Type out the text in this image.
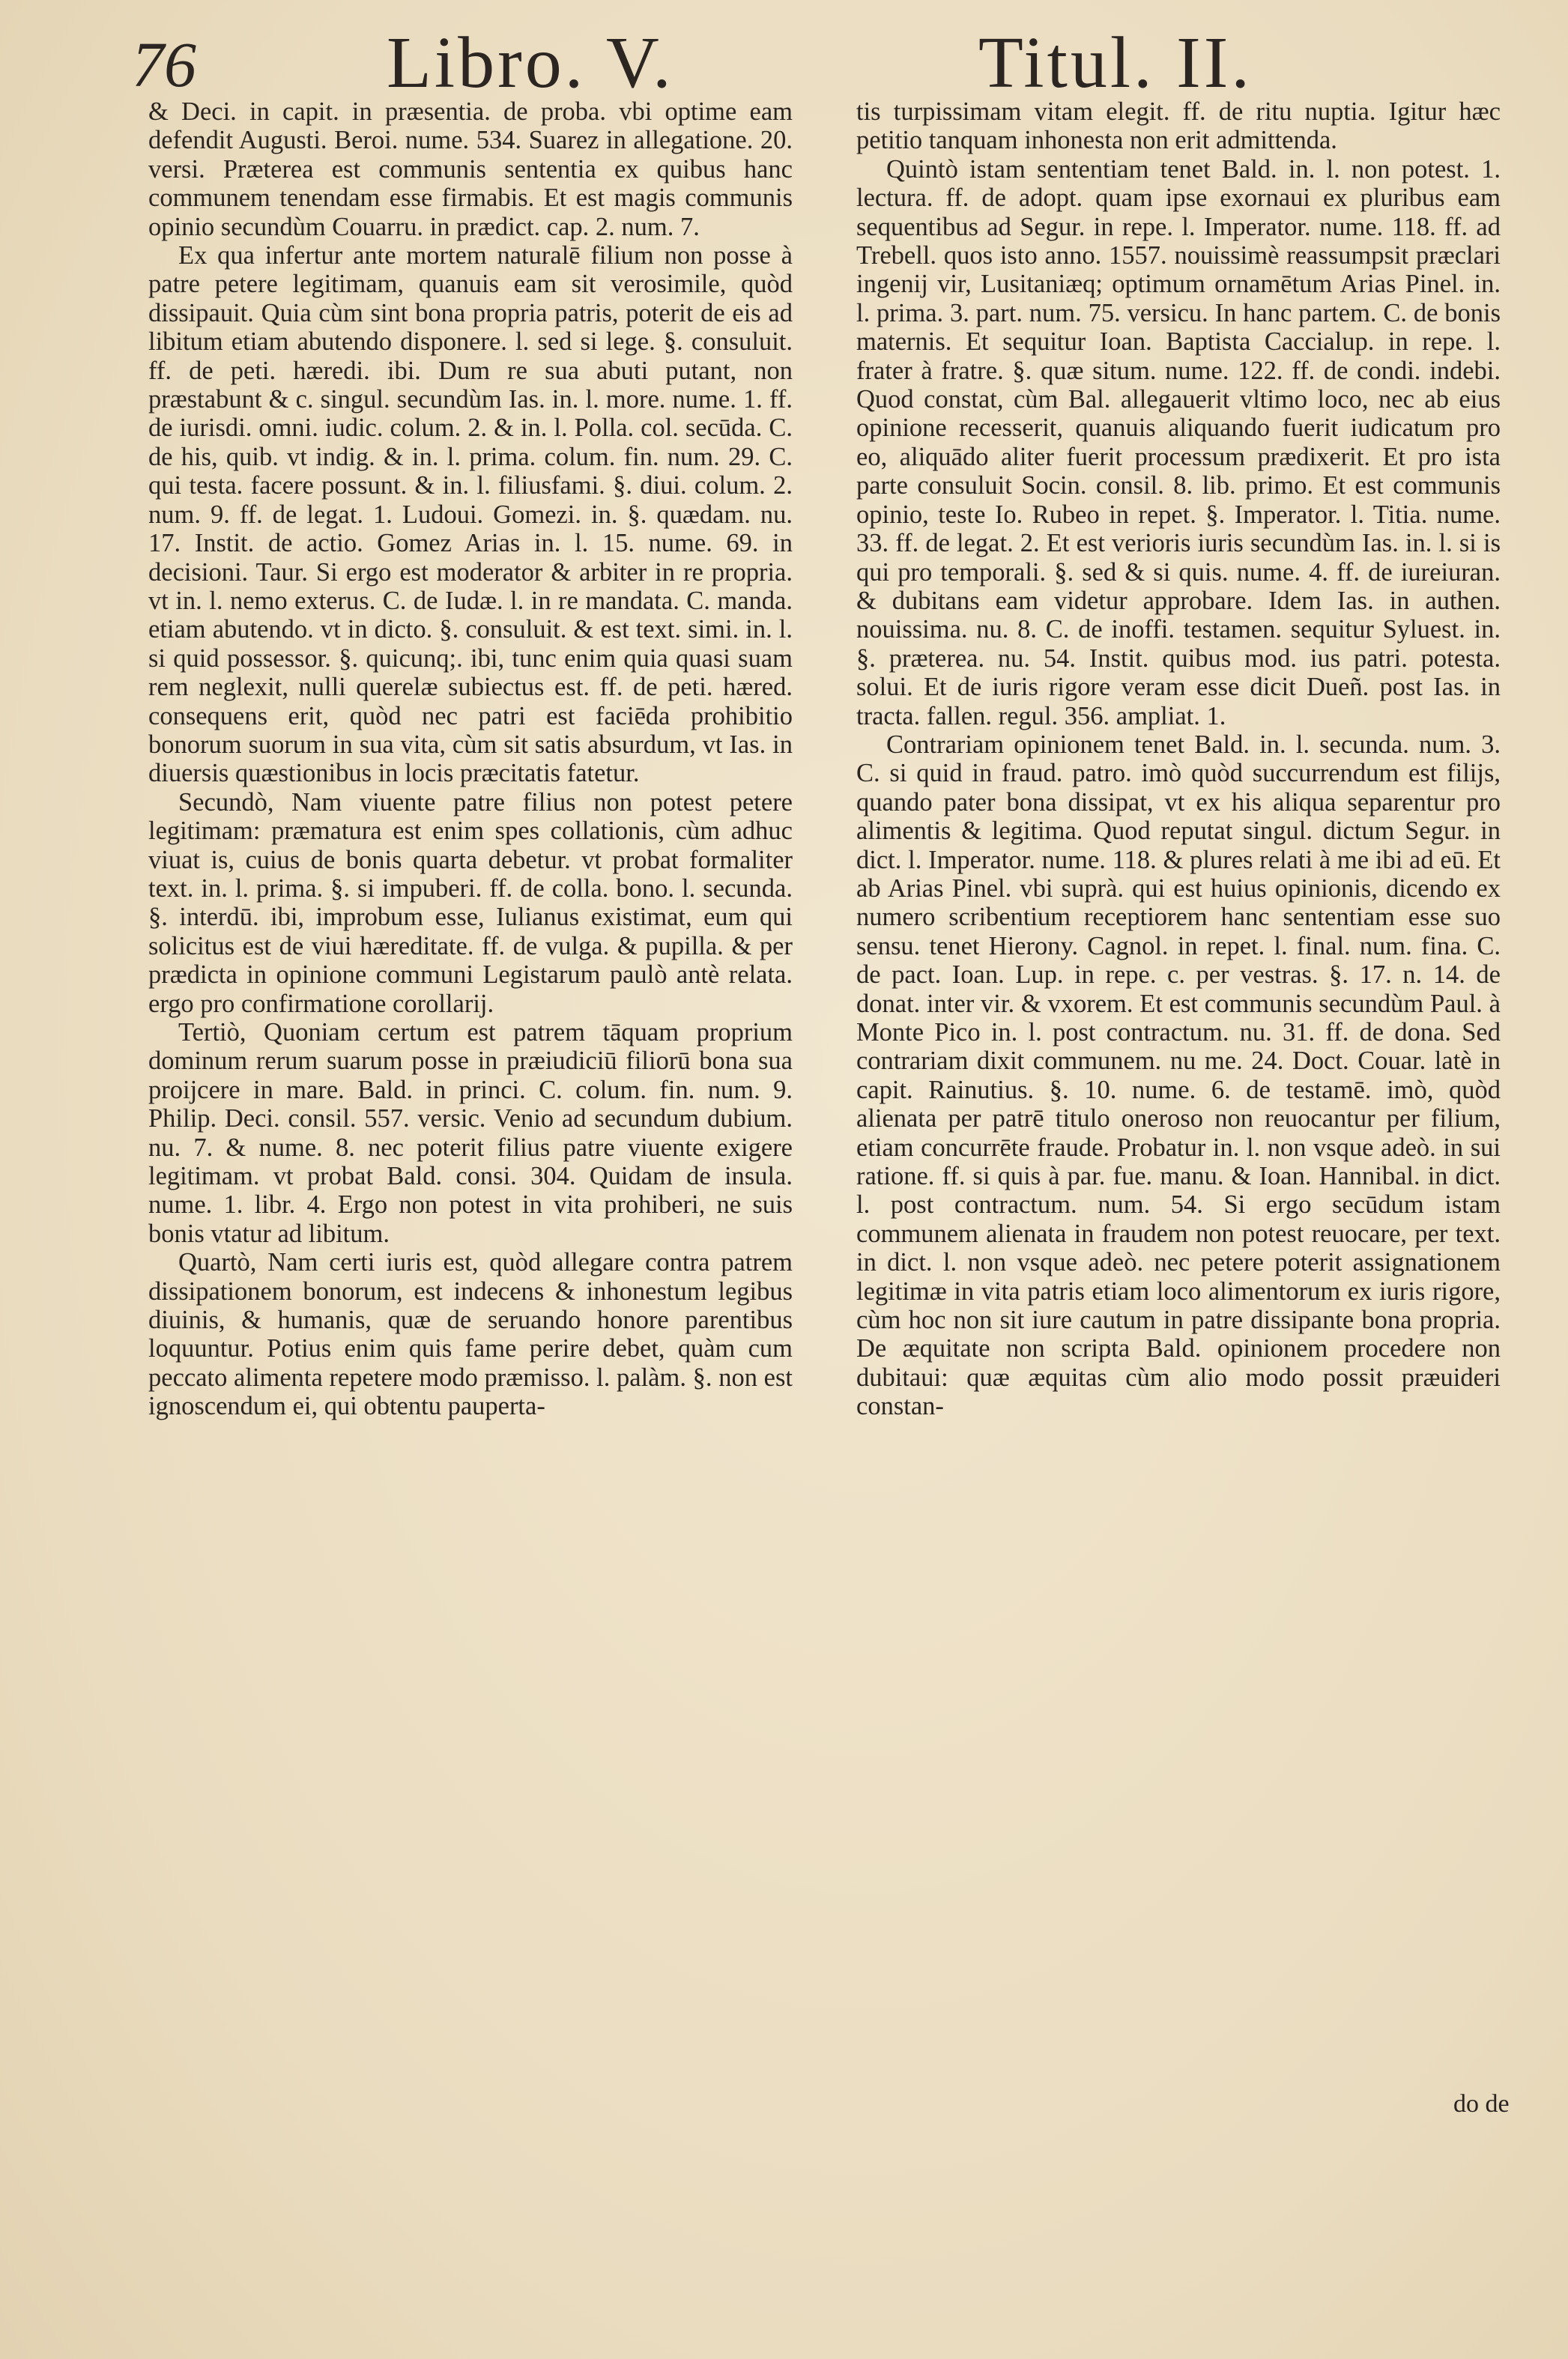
76	Libro. V.	Titul. II.

& Deci. in capit. in præsentia. de proba. vbi optime eam defendit Augusti. Beroi. nume. 534. Suarez in allegatione. 20. versi. Præterea est communis sententia ex quibus hanc communem tenendam esse firmabis. Et est magis communis opinio secundùm Couarru. in prædict. cap. 2. num. 7.

Ex qua infertur ante mortem naturalē filium non posse à patre petere legitimam, quanuis eam sit verosimile, quòd dissipauit. Quia cùm sint bona propria patris, poterit de eis ad libitum etiam abutendo disponere. l. sed si lege. §. consuluit. ff. de peti. hæredi. ibi. Dum re sua abuti putant, non præstabunt & c. singul. secundùm Ias. in. l. more. nume. 1. ff. de iurisdi. omni. iudic. colum. 2. & in. l. Polla. col. secūda. C. de his, quib. vt indig. & in. l. prima. colum. fin. num. 29. C. qui testa. facere possunt. & in. l. filiusfami. §. diui. colum. 2. num. 9. ff. de legat. 1. Ludoui. Gomezi. in. §. quædam. nu. 17. Instit. de actio. Gomez Arias in. l. 15. nume. 69. in decisioni. Taur. Si ergo est moderator & arbiter in re propria. vt in. l. nemo exterus. C. de Iudæ. l. in re mandata. C. manda. etiam abutendo. vt in dicto. §. consuluit. & est text. simi. in. l. si quid possessor. §. quicunq;. ibi, tunc enim quia quasi suam rem neglexit, nulli querelæ subiectus est. ff. de peti. hæred. consequens erit, quòd nec patri est faciēda prohibitio bonorum suorum in sua vita, cùm sit satis absurdum, vt Ias. in diuersis quæstionibus in locis præcitatis fatetur.

Secundò, Nam viuente patre filius non potest petere legitimam: præmatura est enim spes collationis, cùm adhuc viuat is, cuius de bonis quarta debetur. vt probat formaliter text. in. l. prima. §. si impuberi. ff. de colla. bono. l. secunda. §. interdū. ibi, improbum esse, Iulianus existimat, eum qui solicitus est de viui hæreditate. ff. de vulga. & pupilla. & per prædicta in opinione communi Legistarum paulò antè relata. ergo pro confirmatione corollarij.

Tertiò, Quoniam certum est patrem tāquam proprium dominum rerum suarum posse in præiudiciū filiorū bona sua proijcere in mare. Bald. in princi. C. colum. fin. num. 9. Philip. Deci. consil. 557. versic. Venio ad secundum dubium. nu. 7. & nume. 8. nec poterit filius patre viuente exigere legitimam. vt probat Bald. consi. 304. Quidam de insula. nume. 1. libr. 4. Ergo non potest in vita prohiberi, ne suis bonis vtatur ad libitum.

Quartò, Nam certi iuris est, quòd allegare contra patrem dissipationem bonorum, est indecens & inhonestum legibus diuinis, & humanis, quæ de seruando honore parentibus loquuntur. Potius enim quis fame perire debet, quàm cum peccato alimenta repetere modo præmisso. l. palàm. §. non est ignoscendum ei, qui obtentu pauperta-

tis turpissimam vitam elegit. ff. de ritu nuptia. Igitur hæc petitio tanquam inhonesta non erit admittenda.

Quintò istam sententiam tenet Bald. in. l. non potest. 1. lectura. ff. de adopt. quam ipse exornaui ex pluribus eam sequentibus ad Segur. in repe. l. Imperator. nume. 118. ff. ad Trebell. quos isto anno. 1557. nouissimè reassumpsit præclari ingenij vir, Lusitaniæq; optimum ornamētum Arias Pinel. in. l. prima. 3. part. num. 75. versicu. In hanc partem. C. de bonis maternis. Et sequitur Ioan. Baptista Caccialup. in repe. l. frater à fratre. §. quæ situm. nume. 122. ff. de condi. indebi. Quod constat, cùm Bal. allegauerit vltimo loco, nec ab eius opinione recesserit, quanuis aliquando fuerit iudicatum pro eo, aliquādo aliter fuerit processum prædixerit. Et pro ista parte consuluit Socin. consil. 8. lib. primo. Et est communis opinio, teste Io. Rubeo in repet. §. Imperator. l. Titia. nume. 33. ff. de legat. 2. Et est verioris iuris secundùm Ias. in. l. si is qui pro temporali. §. sed & si quis. nume. 4. ff. de iureiuran. & dubitans eam videtur approbare. Idem Ias. in authen. nouissima. nu. 8. C. de inoffi. testamen. sequitur Syluest. in. §. præterea. nu. 54. Instit. quibus mod. ius patri. potesta. solui. Et de iuris rigore veram esse dicit Dueñ. post Ias. in tracta. fallen. regul. 356. ampliat. 1.

Contrariam opinionem tenet Bald. in. l. secunda. num. 3. C. si quid in fraud. patro. imò quòd succurrendum est filijs, quando pater bona dissipat, vt ex his aliqua separentur pro alimentis & legitima. Quod reputat singul. dictum Segur. in dict. l. Imperator. nume. 118. & plures relati à me ibi ad eū. Et ab Arias Pinel. vbi suprà. qui est huius opinionis, dicendo ex numero scribentium receptiorem hanc sententiam esse suo sensu. tenet Hierony. Cagnol. in repet. l. final. num. fina. C. de pact. Ioan. Lup. in repe. c. per vestras. §. 17. n. 14. de donat. inter vir. & vxorem. Et est communis secundùm Paul. à Monte Pico in. l. post contractum. nu. 31. ff. de dona. Sed contrariam dixit communem. nu me. 24. Doct. Couar. latè in capit. Rainutius. §. 10. nume. 6. de testamē. imò, quòd alienata per patrē titulo oneroso non reuocantur per filium, etiam concurrēte fraude. Probatur in. l. non vsque adeò. in sui ratione. ff. si quis à par. fue. manu. & Ioan. Hannibal. in dict. l. post contractum. num. 54. Si ergo secūdum istam communem alienata in fraudem non potest reuocare, per text. in dict. l. non vsque adeò. nec petere poterit assignationem legitimæ in vita patris etiam loco alimentorum ex iuris rigore, cùm hoc non sit iure cautum in patre dissipante bona propria. De æquitate non scripta Bald. opinionem procedere non dubitaui: quæ æquitas cùm alio modo possit præuideri constan-

do de
